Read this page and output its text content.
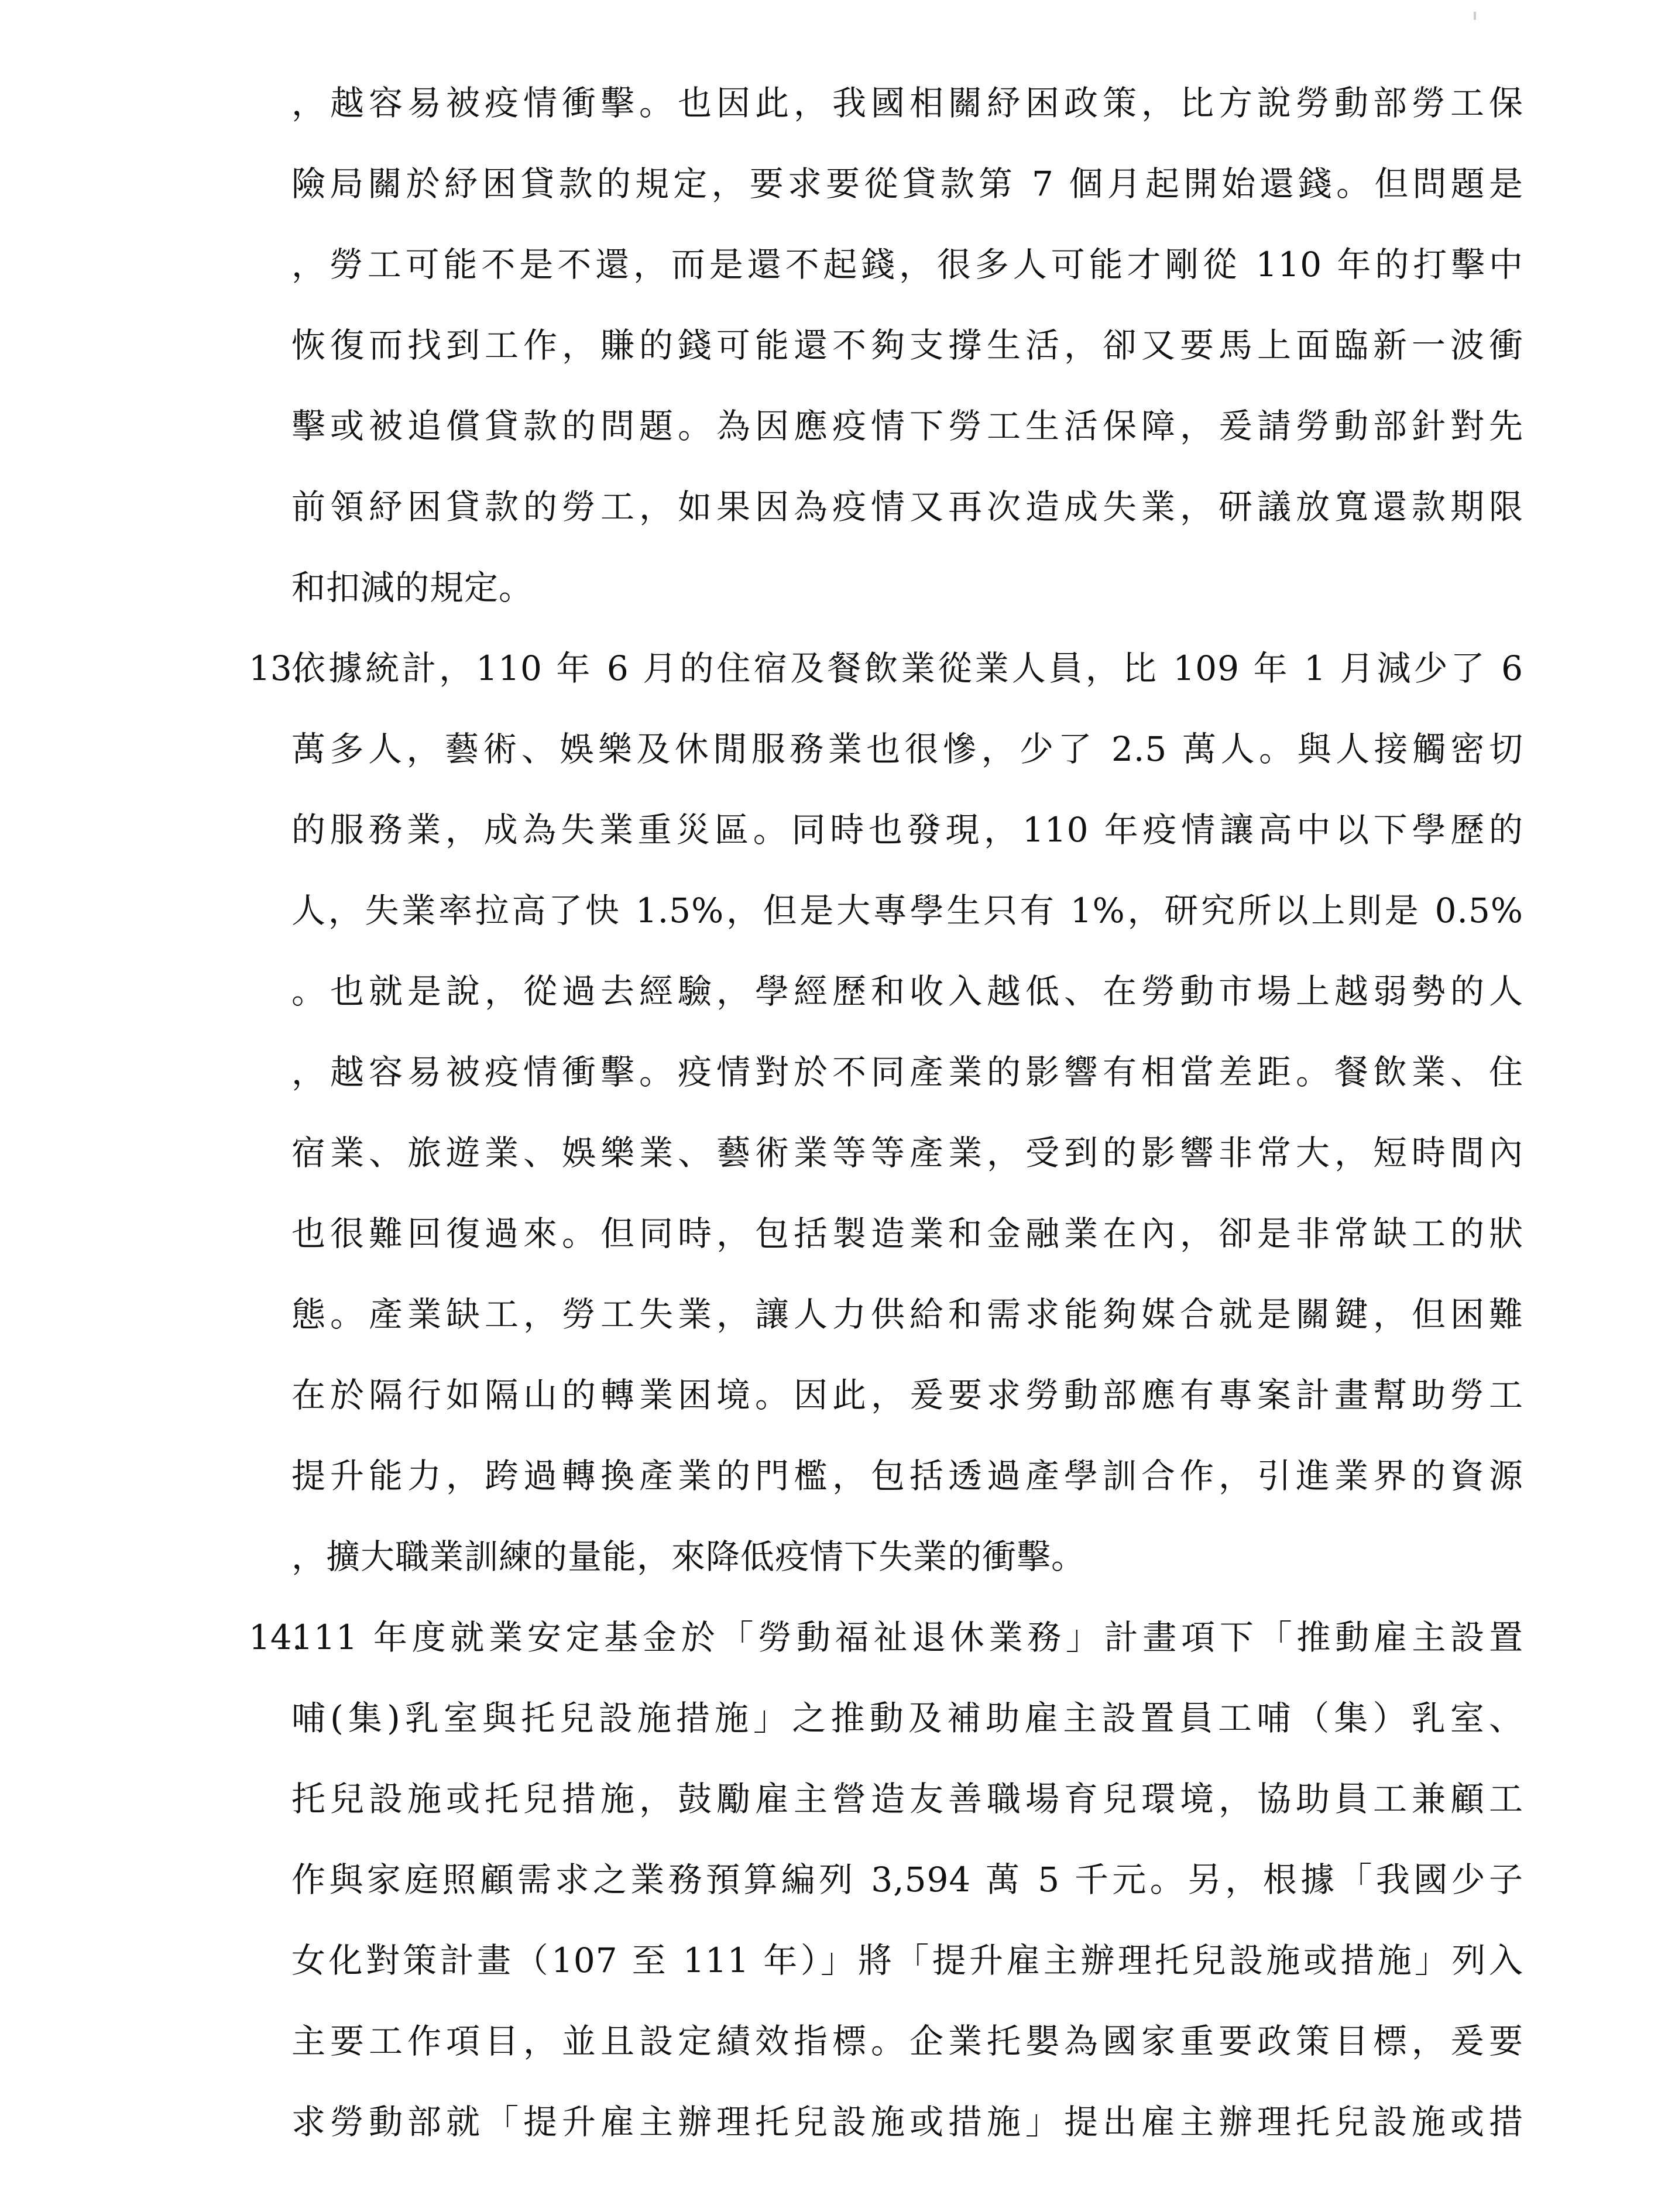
，越容易被疫情衝擊。也因此，我國相關紓困政策，比方說勞動部勞工保
險局關於紓困貸款的規定，要求要從貸款第 7 個月起開始還錢。但問題是
，勞工可能不是不還，而是還不起錢，很多人可能才剛從 110 年的打擊中
恢復而找到工作，賺的錢可能還不夠支撐生活，卻又要馬上面臨新一波衝
擊或被追償貸款的問題。為因應疫情下勞工生活保障，爰請勞動部針對先
前領紓困貸款的勞工，如果因為疫情又再次造成失業，研議放寬還款期限
和扣減的規定。
13.
依據統計，110 年 6 月的住宿及餐飲業從業人員，比 109 年 1 月減少了 6
萬多人，藝術、娛樂及休閒服務業也很慘，少了 2.5 萬人。與人接觸密切
的服務業，成為失業重災區。同時也發現，110 年疫情讓高中以下學歷的
人，失業率拉高了快 1.5%，但是大專學生只有 1%，研究所以上則是 0.5%
。也就是說，從過去經驗，學經歷和收入越低、在勞動市場上越弱勢的人
，越容易被疫情衝擊。疫情對於不同產業的影響有相當差距。餐飲業、住
宿業、旅遊業、娛樂業、藝術業等等產業，受到的影響非常大，短時間內
也很難回復過來。但同時，包括製造業和金融業在內，卻是非常缺工的狀
態。產業缺工，勞工失業，讓人力供給和需求能夠媒合就是關鍵，但困難
在於隔行如隔山的轉業困境。因此，爰要求勞動部應有專案計畫幫助勞工
提升能力，跨過轉換產業的門檻，包括透過產學訓合作，引進業界的資源
，擴大職業訓練的量能，來降低疫情下失業的衝擊。
14.
111 年度就業安定基金於「勞動福祉退休業務」計畫項下「推動雇主設置
哺(集)乳室與托兒設施措施」之推動及補助雇主設置員工哺（集）乳室、
托兒設施或托兒措施，鼓勵雇主營造友善職場育兒環境，協助員工兼顧工
作與家庭照顧需求之業務預算編列 3,594 萬 5 千元。另，根據「我國少子
女化對策計畫（107 至 111 年）」將「提升雇主辦理托兒設施或措施」列入
主要工作項目，並且設定績效指標。企業托嬰為國家重要政策目標，爰要
求勞動部就「提升雇主辦理托兒設施或措施」提出雇主辦理托兒設施或措
